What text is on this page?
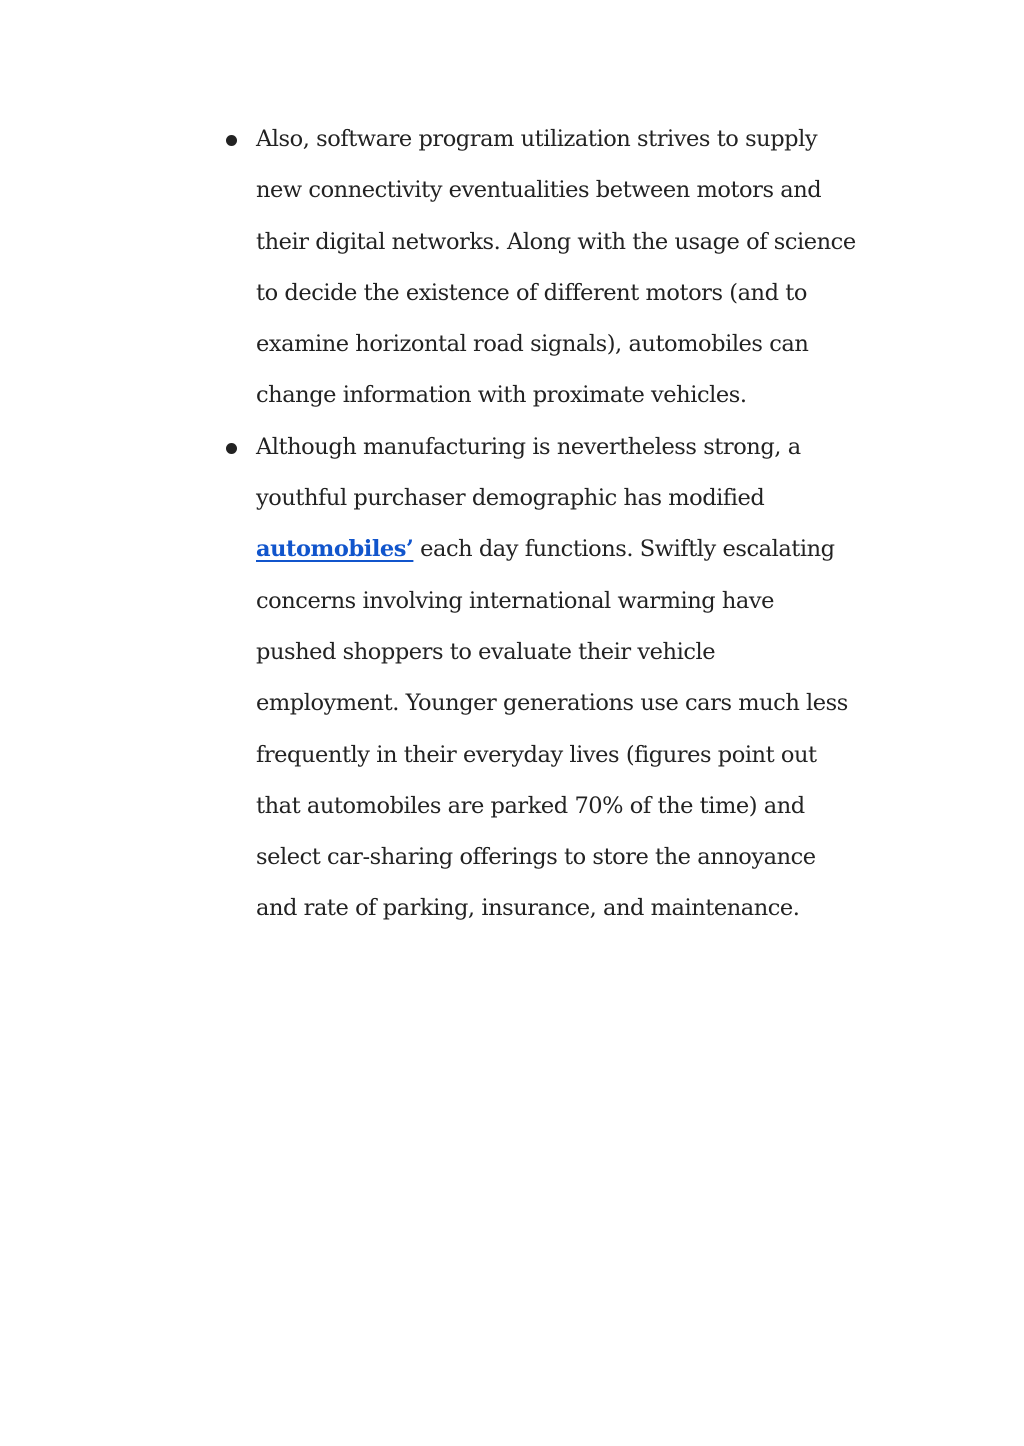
Also, software program utilization strives to supply
new connectivity eventualities between motors and
their digital networks. Along with the usage of science
to decide the existence of different motors (and to
examine horizontal road signals), automobiles can
change information with proximate vehicles.
Although manufacturing is nevertheless strong, a
youthful purchaser demographic has modified
automobiles’ each day functions. Swiftly escalating
concerns involving international warming have
pushed shoppers to evaluate their vehicle
employment. Younger generations use cars much less
frequently in their everyday lives (figures point out
that automobiles are parked 70% of the time) and
select car-sharing offerings to store the annoyance
and rate of parking, insurance, and maintenance.
